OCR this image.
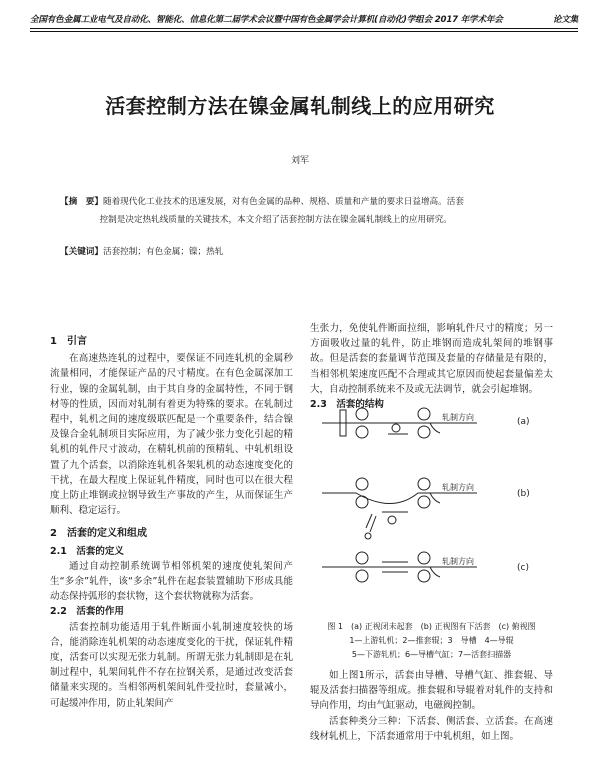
全国有色金属工业电气及自动化、智能化、信息化第二届学术会议暨中国有色金属学会计算机(自动化)学组会 2017 年学术年会	论文集
活套控制方法在镍金属轧制线上的应用研究
刘军
【摘　要】随着现代化工业技术的迅速发展，对有色金属的品种、规格、质量和产量的要求日益增高。活套
控制是决定热轧线质量的关键技术，本文介绍了活套控制方法在镍金属轧制线上的应用研究。
【关键词】活套控制；有色金属；镍；热轧
1　引言

在高速热连轧的过程中，要保证不同连轧机的金属秒流量相同，才能保证产品的尺寸精度。在有色金属深加工行业，镍的金属轧制，由于其自身的金属特性，不同于钢材等的性质，因而对轧制有着更为特殊的要求。在轧制过程中，轧机之间的速度级联匹配是一个重要条件，结合镍及镍合金轧制项目实际应用，为了减少张力变化引起的精轧机的轧件尺寸波动，在精轧机前的预精轧、中轧机组设置了九个活套，以消除连轧机各架轧机的动态速度变化的干扰，在最大程度上保证轧件精度，同时也可以在很大程度上防止堆钢或拉钢导致生产事故的产生，从而保证生产顺利、稳定运行。

2　活套的定义和组成
2.1　活套的定义

通过自动控制系统调节相邻机架的速度使轧架间产生“多余”轧件，该“多余”轧件在起套装置辅助下形成具能动态保持弧形的套状物，这个套状物就称为活套。

2.2　活套的作用

活套控制功能适用于轧件断面小轧制速度较快的场合，能消除连轧机架的动态速度变化的干扰，保证轧件精度，活套可以实现无张力轧制。所谓无张力轧制即是在轧制过程中，轧架间轧件不存在拉钢关系，是通过改变活套储量来实现的。当相邻两机架间轧件受拉时，套量减小，可起缓冲作用，防止轧架间产

生张力，免使轧件断面拉细，影响轧件尺寸的精度；另一方面吸收过量的轧件，防止堆钢而造成轧架间的堆钢事故。但是活套的套量调节范围及套量的存储量是有限的，当相邻机架速度匹配不合理或其它原因而使起套量偏差太大，自动控制系统来不及或无法调节，就会引起堆钢。

2.3　活套的结构
轧制方向
轧制方向
轧制方向
(a)
(b)
(c)
图 1　(a) 正视闭未起套　(b) 正视图有下活套　(c) 俯视图
1—上游轧机；2—推套辊；3　导槽　4—导辊
5—下游轧机；6—导槽气缸；7—活套扫描器

如上图1所示，活套由导槽、导槽气缸、推套辊、导辊及活套扫描器等组成。推套辊和导辊着对轧件的支持和导向作用，均由气缸驱动，电磁阀控制。

活套种类分三种：下活套、侧活套、立活套。在高速线材轧机上，下活套通常用于中轧机组，如上图。
